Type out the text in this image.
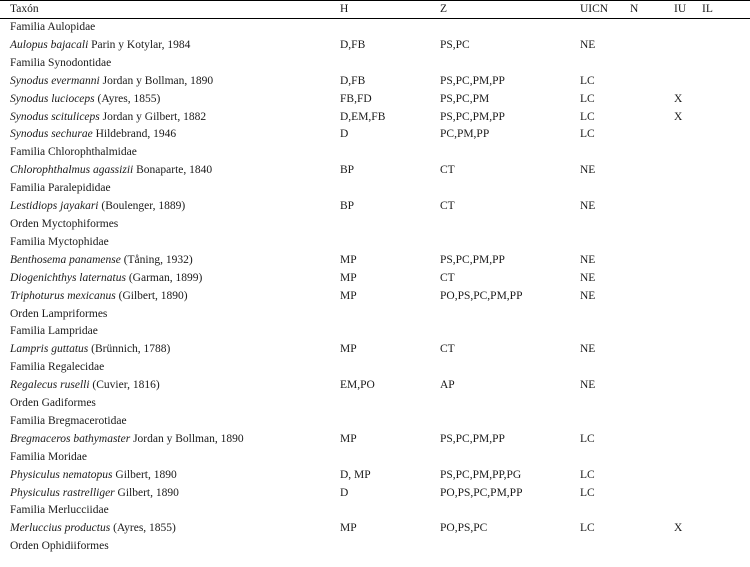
Taxón	H	Z	UICN	N	IU	IL
Familia Aulopidae						
Aulopus bajacali Parin y Kotylar, 1984	D,FB	PS,PC	NE			
Familia Synodontidae						
Synodus evermanni Jordan y Bollman, 1890	D,FB	PS,PC,PM,PP	LC			
Synodus lucioceps (Ayres, 1855)	FB,FD	PS,PC,PM	LC		X	
Synodus scituliceps Jordan y Gilbert, 1882	D,EM,FB	PS,PC,PM,PP	LC		X	
Synodus sechurae Hildebrand, 1946	D	PC,PM,PP	LC			
Familia Chlorophthalmidae						
Chlorophthalmus agassizii Bonaparte, 1840	BP	CT	NE			
Familia Paralepididae						
Lestidiops jayakari (Boulenger, 1889)	BP	CT	NE			
Orden Myctophiformes						
Familia Myctophidae						
Benthosema panamense (Tåning, 1932)	MP	PS,PC,PM,PP	NE			
Diogenichthys laternatus (Garman, 1899)	MP	CT	NE			
Triphoturus mexicanus (Gilbert, 1890)	MP	PO,PS,PC,PM,PP	NE			
Orden Lampriformes						
Familia Lampridae						
Lampris guttatus (Brünnich, 1788)	MP	CT	NE			
Familia Regalecidae						
Regalecus ruselli (Cuvier, 1816)	EM,PO	AP	NE			
Orden Gadiformes						
Familia Bregmacerotidae						
Bregmaceros bathymaster Jordan y Bollman, 1890	MP	PS,PC,PM,PP	LC			
Familia Moridae						
Physiculus nematopus Gilbert, 1890	D, MP	PS,PC,PM,PP,PG	LC			
Physiculus rastrelliger Gilbert, 1890	D	PO,PS,PC,PM,PP	LC			
Familia Merlucciidae						
Merluccius productus (Ayres, 1855)	MP	PO,PS,PC	LC		X	
Orden Ophidiiformes						
